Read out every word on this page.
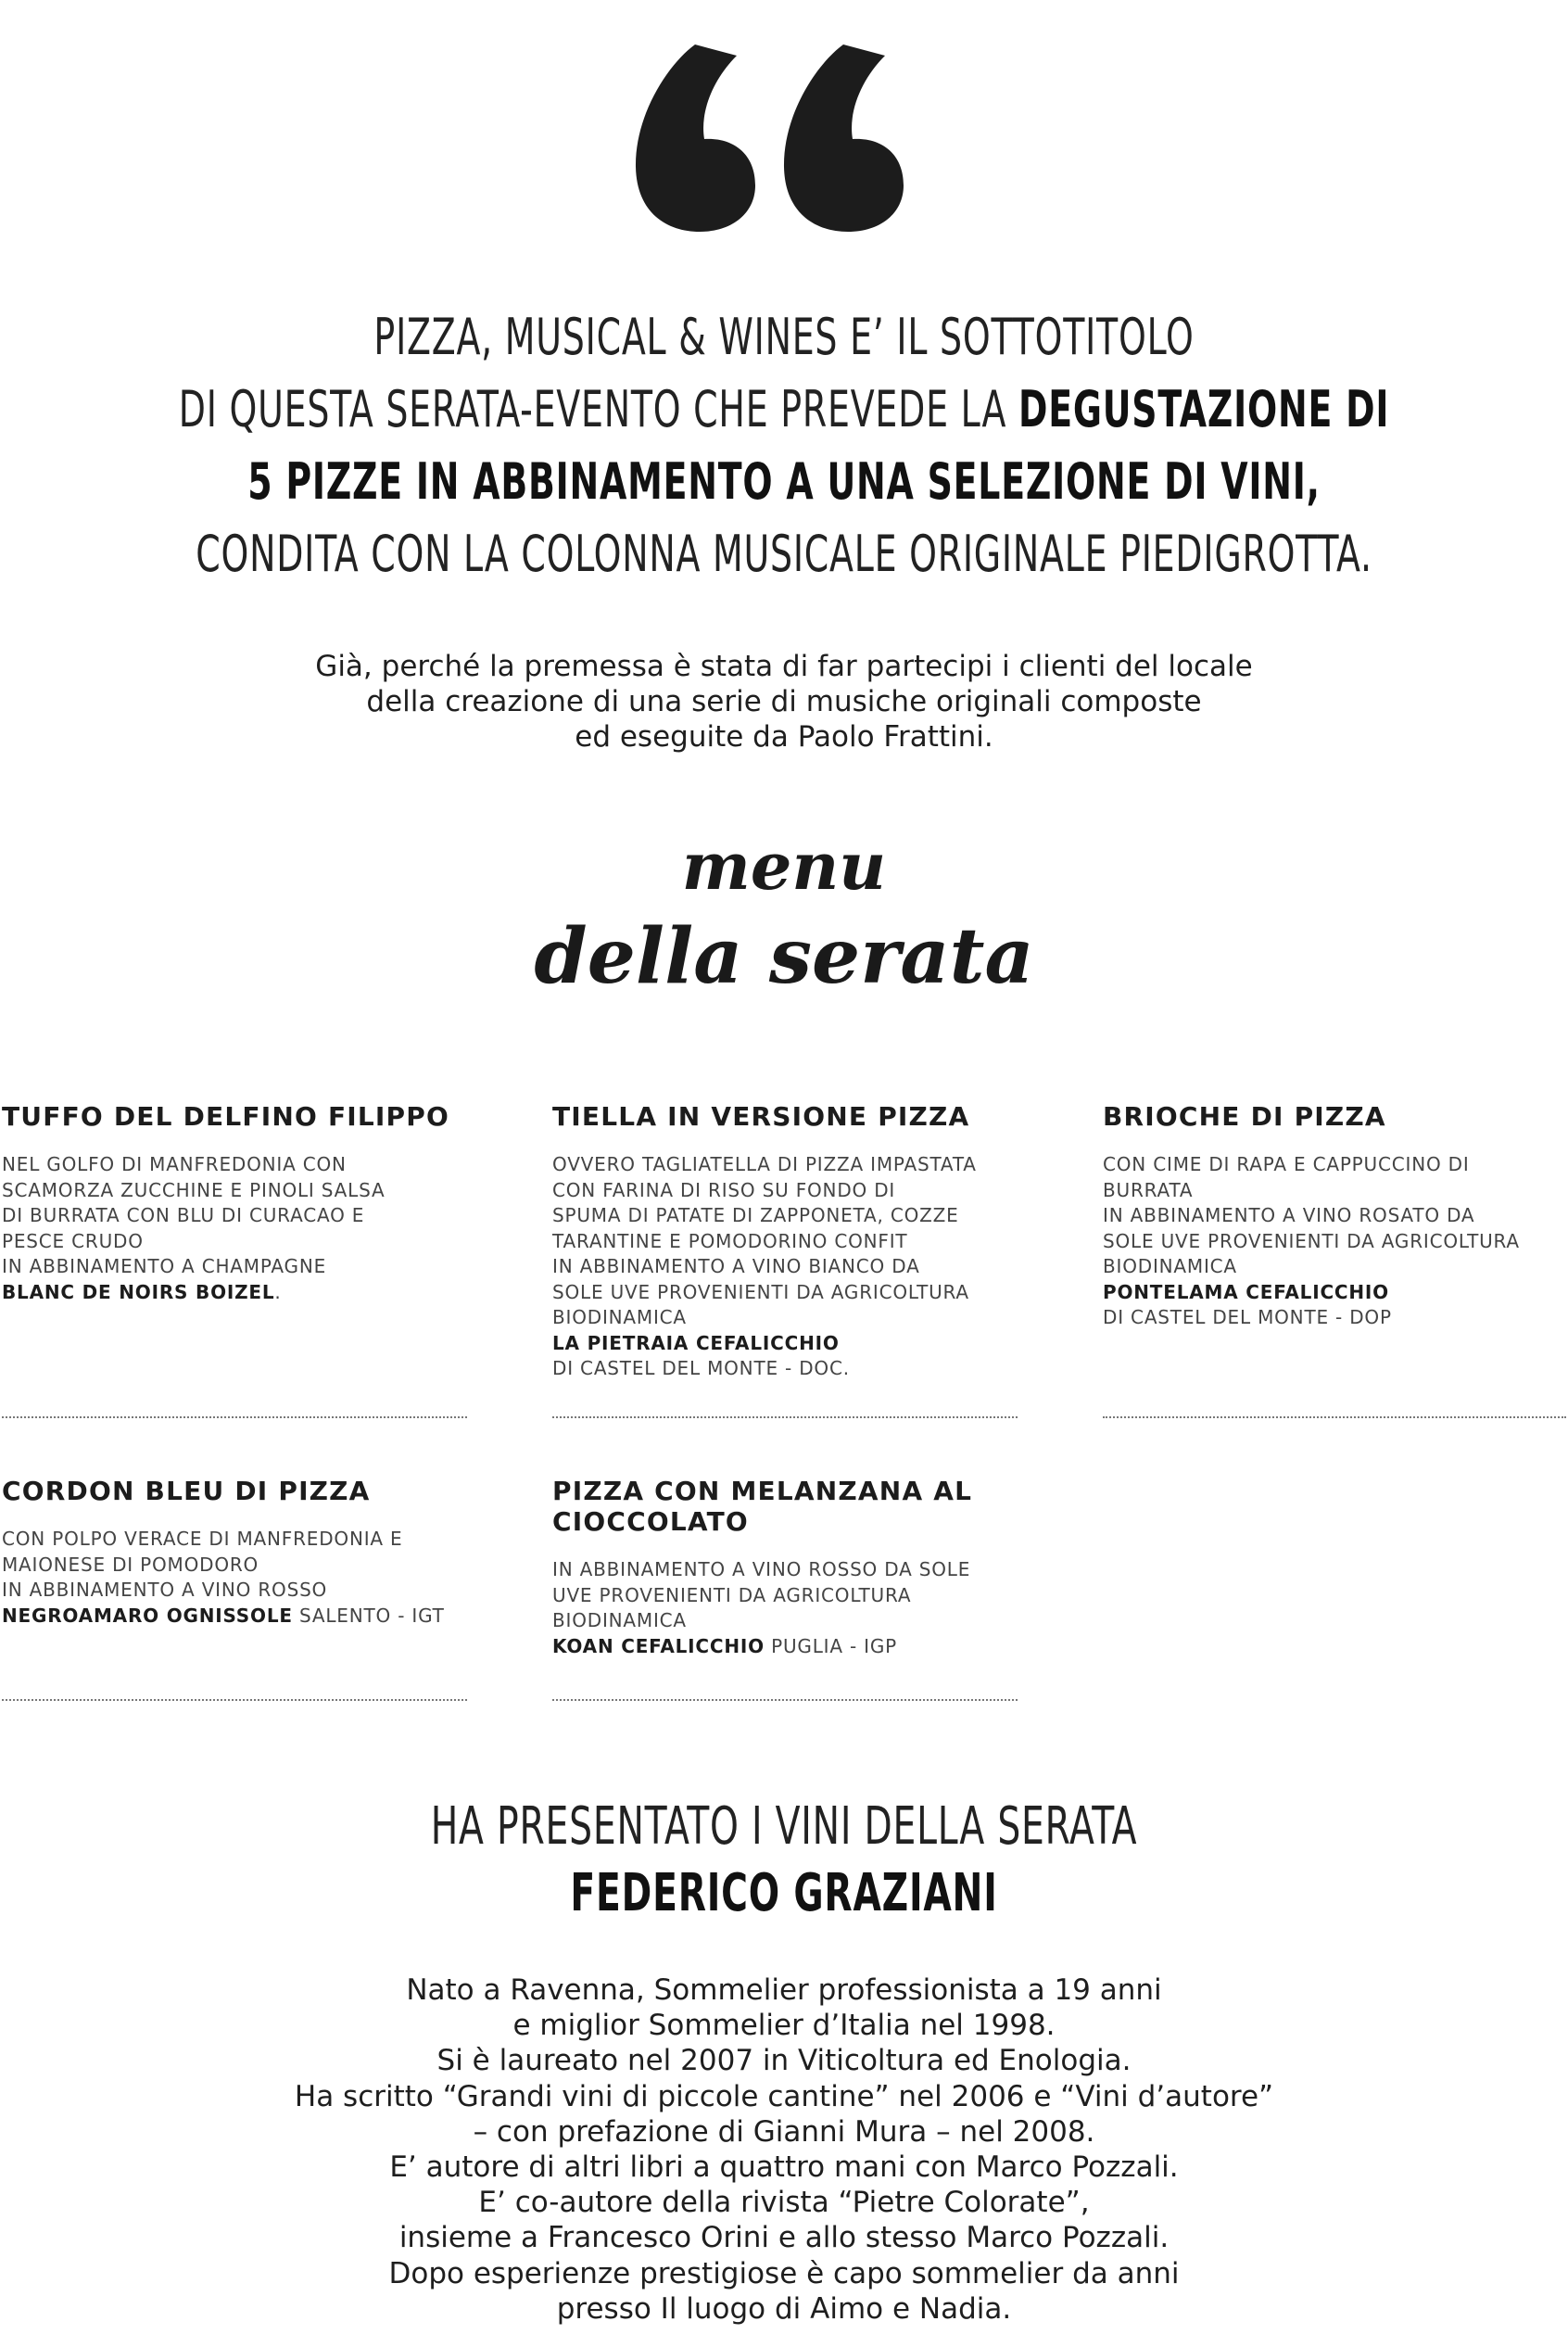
PIZZA, MUSICAL & WINES E’ IL SOTTOTITOLO
DI QUESTA SERATA-EVENTO CHE PREVEDE LA DEGUSTAZIONE DI
5 PIZZE IN ABBINAMENTO A UNA SELEZIONE DI VINI,
CONDITA CON LA COLONNA MUSICALE ORIGINALE PIEDIGROTTA.
Già, perché la premessa è stata di far partecipi i clienti del locale
della creazione di una serie di musiche originali composte
ed eseguite da Paolo Frattini.
menu
della serata
TUFFO DEL DELFINO FILIPPO

NEL GOLFO DI MANFREDONIA CON
SCAMORZA ZUCCHINE E PINOLI SALSA
DI BURRATA CON BLU DI CURACAO E
PESCE CRUDO
IN ABBINAMENTO A CHAMPAGNE
BLANC DE NOIRS BOIZEL.

TIELLA IN VERSIONE PIZZA

OVVERO TAGLIATELLA DI PIZZA IMPASTATA
CON FARINA DI RISO SU FONDO DI
SPUMA DI PATATE DI ZAPPONETA, COZZE
TARANTINE E POMODORINO CONFIT
IN ABBINAMENTO A VINO BIANCO DA
SOLE UVE PROVENIENTI DA AGRICOLTURA
BIODINAMICA
LA PIETRAIA CEFALICCHIO
DI CASTEL DEL MONTE - DOC.

BRIOCHE DI PIZZA

CON CIME DI RAPA E CAPPUCCINO DI
BURRATA
IN ABBINAMENTO A VINO ROSATO DA
SOLE UVE PROVENIENTI DA AGRICOLTURA
BIODINAMICA
PONTELAMA CEFALICCHIO
DI CASTEL DEL MONTE - DOP

CORDON BLEU DI PIZZA

CON POLPO VERACE DI MANFREDONIA E
MAIONESE DI POMODORO
IN ABBINAMENTO A VINO ROSSO
NEGROAMARO OGNISSOLE SALENTO - IGT

PIZZA CON MELANZANA AL
CIOCCOLATO

IN ABBINAMENTO A VINO ROSSO DA SOLE
UVE PROVENIENTI DA AGRICOLTURA
BIODINAMICA
KOAN CEFALICCHIO PUGLIA - IGP

HA PRESENTATO I VINI DELLA SERATA
FEDERICO GRAZIANI
Nato a Ravenna, Sommelier professionista a 19 anni
e miglior Sommelier d’Italia nel 1998.
Si è laureato nel 2007 in Viticoltura ed Enologia.
Ha scritto “Grandi vini di piccole cantine” nel 2006 e “Vini d’autore”
– con prefazione di Gianni Mura – nel 2008.
E’ autore di altri libri a quattro mani con Marco Pozzali.
E’ co-autore della rivista “Pietre Colorate”,
insieme a Francesco Orini e allo stesso Marco Pozzali.
Dopo esperienze prestigiose è capo sommelier da anni
presso Il luogo di Aimo e Nadia.
